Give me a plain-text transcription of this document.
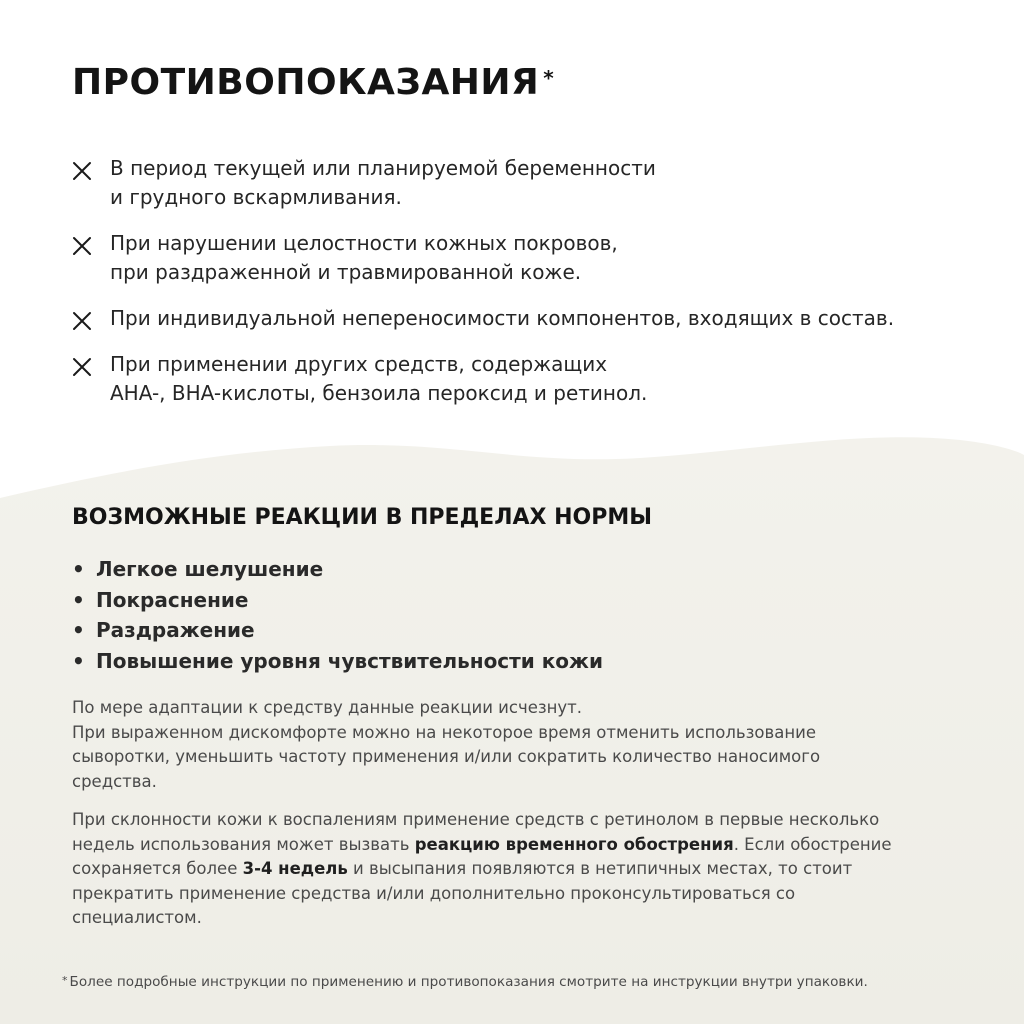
ПРОТИВОПОКАЗАНИЯ *
В период текущей или планируемой беременности
и грудного вскармливания.
При нарушении целостности кожных покровов,
при раздраженной и травмированной коже.
При индивидуальной непереносимости компонентов, входящих в состав.
При применении других средств, содержащих
AHA-, BHA-кислоты, бензоила пероксид и ретинол.
ВОЗМОЖНЫЕ РЕАКЦИИ В ПРЕДЕЛАХ НОРМЫ
• Легкое шелушение
• Покраснение
• Раздражение
• Повышение уровня чувствительности кожи

По мере адаптации к средству данные реакции исчезнут.
При выраженном дискомфорте можно на некоторое время отменить использование
сыворотки, уменьшить частоту применения и/или сократить количество наносимого
средства.

При склонности кожи к воспалениям применение средств с ретинолом в первые несколько
недель использования может вызвать реакцию временного обострения. Если обострение
сохраняется более 3-4 недель и высыпания появляются в нетипичных местах, то стоит
прекратить применение средства и/или дополнительно проконсультироваться со
специалистом.

* Более подробные инструкции по применению и противопоказания смотрите на инструкции внутри упаковки.
